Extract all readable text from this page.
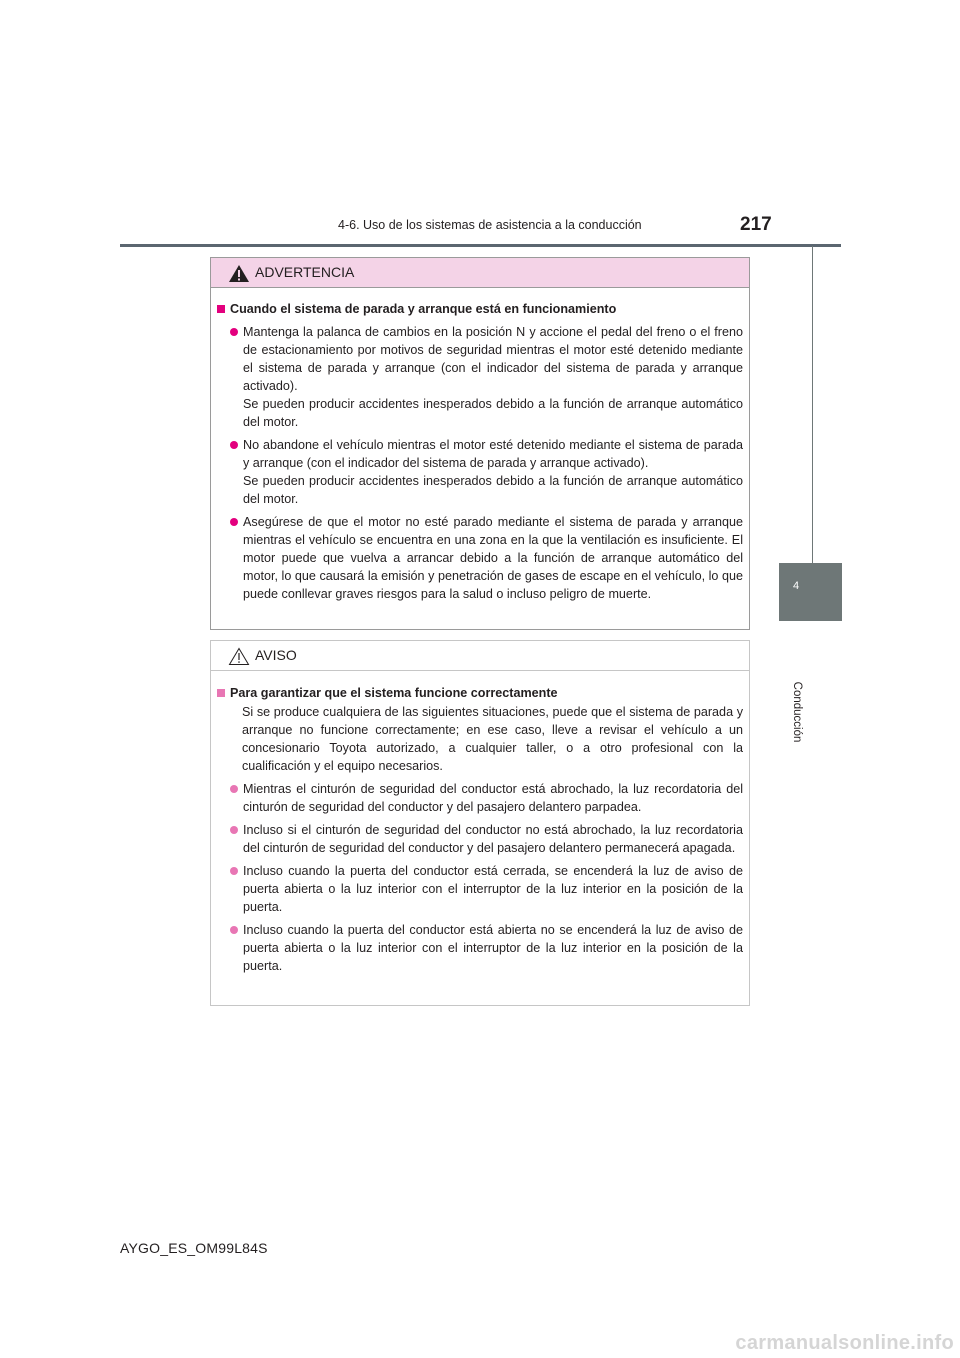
4-6. Uso de los sistemas de asistencia a la conducción	217
4
Conducción
ADVERTENCIA
Cuando el sistema de parada y arranque está en funcionamiento
Mantenga la palanca de cambios en la posición N y accione el pedal del freno o el freno de estacionamiento por motivos de seguridad mientras el motor esté detenido mediante el sistema de parada y arranque (con el indicador del sistema de parada y arranque activado).
Se pueden producir accidentes inesperados debido a la función de arranque automático del motor.
No abandone el vehículo mientras el motor esté detenido mediante el sistema de parada y arranque (con el indicador del sistema de parada y arranque activado).
Se pueden producir accidentes inesperados debido a la función de arranque automático del motor.
Asegúrese de que el motor no esté parado mediante el sistema de parada y arranque mientras el vehículo se encuentra en una zona en la que la ventilación es insuficiente. El motor puede que vuelva a arrancar debido a la función de arranque automático del motor, lo que causará la emisión y penetración de gases de escape en el vehículo, lo que puede conllevar graves riesgos para la salud o incluso peligro de muerte.
AVISO
Para garantizar que el sistema funcione correctamente
Si se produce cualquiera de las siguientes situaciones, puede que el sistema de parada y arranque no funcione correctamente; en ese caso, lleve a revisar el vehículo a un concesionario Toyota autorizado, a cualquier taller, o a otro profesional con la cualificación y el equipo necesarios.
Mientras el cinturón de seguridad del conductor está abrochado, la luz recordatoria del cinturón de seguridad del conductor y del pasajero delantero parpadea.
Incluso si el cinturón de seguridad del conductor no está abrochado, la luz recordatoria del cinturón de seguridad del conductor y del pasajero delantero permanecerá apagada.
Incluso cuando la puerta del conductor está cerrada, se encenderá la luz de aviso de puerta abierta o la luz interior con el interruptor de la luz interior en la posición de la puerta.
Incluso cuando la puerta del conductor está abierta no se encenderá la luz de aviso de puerta abierta o la luz interior con el interruptor de la luz interior en la posición de la puerta.
AYGO_ES_OM99L84S
carmanualsonline.info
